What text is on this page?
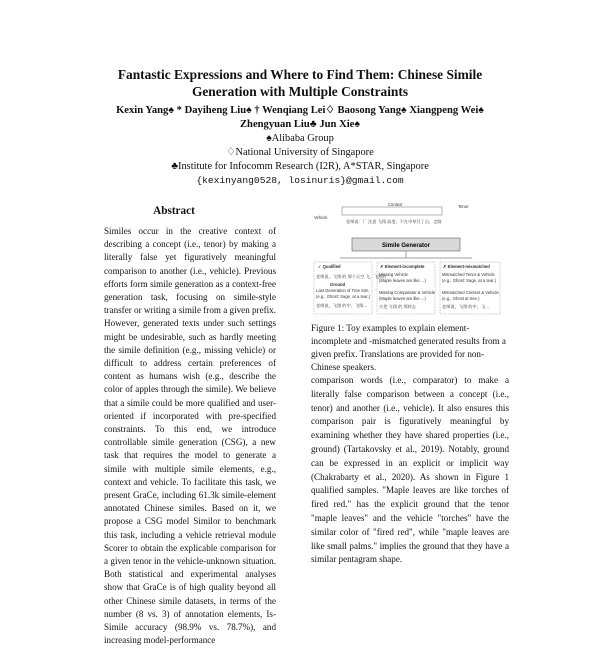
Fantastic Expressions and Where to Find Them: Chinese Simile
Generation with Multiple Constraints
Kexin Yang♠ * Dayiheng Liu♠ † Wenqiang Lei♢ Baosong Yang♠ Xiangpeng Wei♠
Zhengyuan Liu♣ Jun Xie♠
♠Alibaba Group
♢National University of Singapore
♣Institute for Infocomm Research (I2R), A*STAR, Singapore
{kexinyang0528, losinuris}@gmail.com
Abstract
Similes occur in the creative context of describing a concept (i.e., tenor) by making a literally false yet figuratively meaningful comparison to another (i.e., vehicle). Previous efforts form simile generation as a context-free generation task, focusing on simile-style transfer or writing a simile from a given prefix. However, generated texts under such settings might be undesirable, such as hardly meeting the simile definition (e.g., missing vehicle) or difficult to address certain preferences of content as humans wish (e.g., describe the color of apples through the simile). We believe that a simile could be more qualified and user-oriented if incorporated with pre-specified constraints. To this end, we introduce controllable simile generation (CSG), a new task that requires the model to generate a simile with multiple simile elements, e.g., context and vehicle. To facilitate this task, we present GraCe, including 61.3k simile-element annotated Chinese similes. Based on it, we propose a CSG model Similor to benchmark this task, including a vehicle retrieval module Scorer to obtain the explicable comparison for a given tenor in the vehicle-unknown situation. Both statistical and experimental analyses show that GraCe is of high quality beyond all other Chinese simile datasets, in terms of the number (8 vs. 3) of annotation elements, Is-Simile accuracy (98.9% vs. 78.7%), and increasing model-performance
Context	Tenor
Vehicle
老师说：厂 注意 飞翔 高度，不在中草甘了点，走路
Simile Generator
✓ Qualified	✗ Element-incomplete	✗ Element-mismatched
老师说，飞翔 的 那个天空 飞，飞跃的
Ground
Last Generation of Tree Sim.
(e.g., Ghost: Sage, at a tear.)
老师说，飞翔 的中，飞翔…
Missing Vehicle
(Maple leaves are like ...)
Missing Comparator & Vehicle
(Maple leaves are like ...)
火把 飞翔 的 那样去
Mismatched Tenor & Vehicle
(e.g., Ghost: Sage, at a tear.)
Mismatched Context & Vehicle
(e.g., Ghost at tree.)
老师说，飞翔 的中，飞…
Figure 1: Toy examples to explain element-incomplete and -mismatched generated results from a given prefix. Translations are provided for non-Chinese speakers.
comparison words (i.e., comparator) to make a literally false comparison between a concept (i.e., tenor) and another (i.e., vehicle). It also ensures this comparison pair is figuratively meaningful by examining whether they have shared properties (i.e., ground) (Tartakovsky et al., 2019). Notably, ground can be expressed in an explicit or implicit way (Chakrabarty et al., 2020). As shown in Figure 1 qualified samples. "Maple leaves are like torches of fired red." has the explicit ground that the tenor "maple leaves" and the vehicle "torches" have the similar color of "fired red", while "maple leaves are like small palms." implies the ground that they have a similar pentagram shape.
